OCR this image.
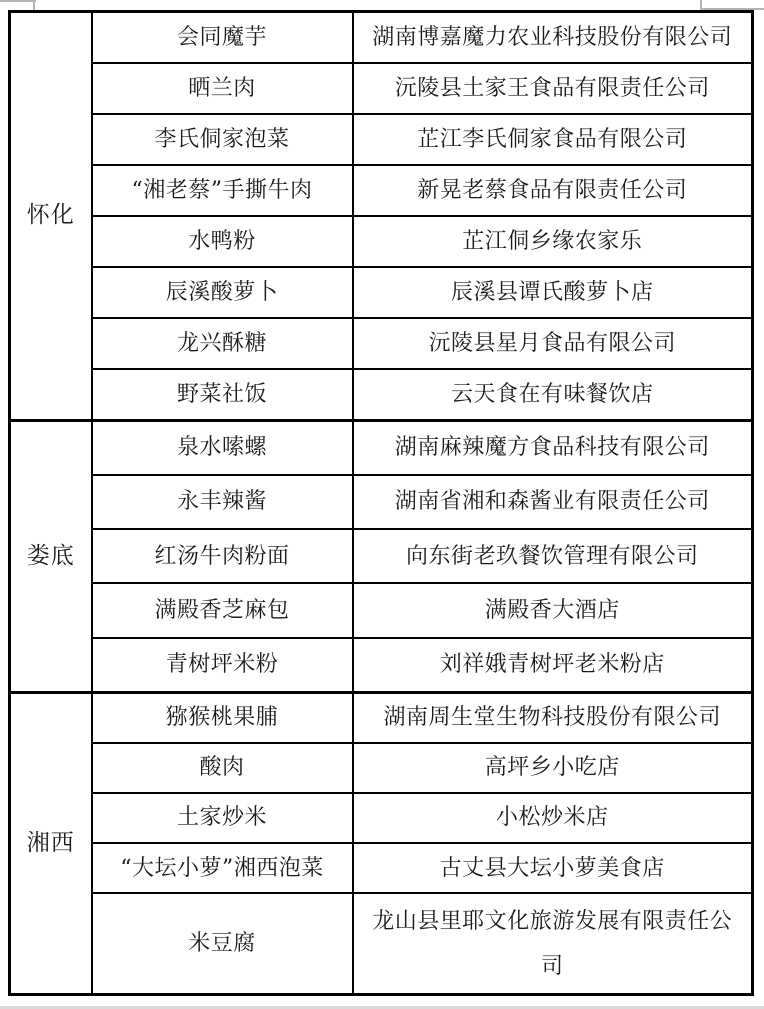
怀化	会同魔芋	湖南博嘉魔力农业科技股份有限公司
	晒兰肉	沅陵县土家王食品有限责任公司
	李氏侗家泡菜	芷江李氏侗家食品有限公司
	“湘老蔡”手撕牛肉	新晃老蔡食品有限责任公司
	水鸭粉	芷江侗乡缘农家乐
	辰溪酸萝卜	辰溪县谭氏酸萝卜店
	龙兴酥糖	沅陵县星月食品有限公司
	野菜社饭	云天食在有味餐饮店
娄底	泉水嗦螺	湖南麻辣魔方食品科技有限公司
	永丰辣酱	湖南省湘和森酱业有限责任公司
	红汤牛肉粉面	向东街老玖餐饮管理有限公司
	满殿香芝麻包	满殿香大酒店
	青树坪米粉	刘祥娥青树坪老米粉店
湘西	猕猴桃果脯	湖南周生堂生物科技股份有限公司
	酸肉	高坪乡小吃店
	土家炒米	小松炒米店
	“大坛小萝”湘西泡菜	古丈县大坛小萝美食店
	米豆腐	龙山县里耶文化旅游发展有限责任公司
